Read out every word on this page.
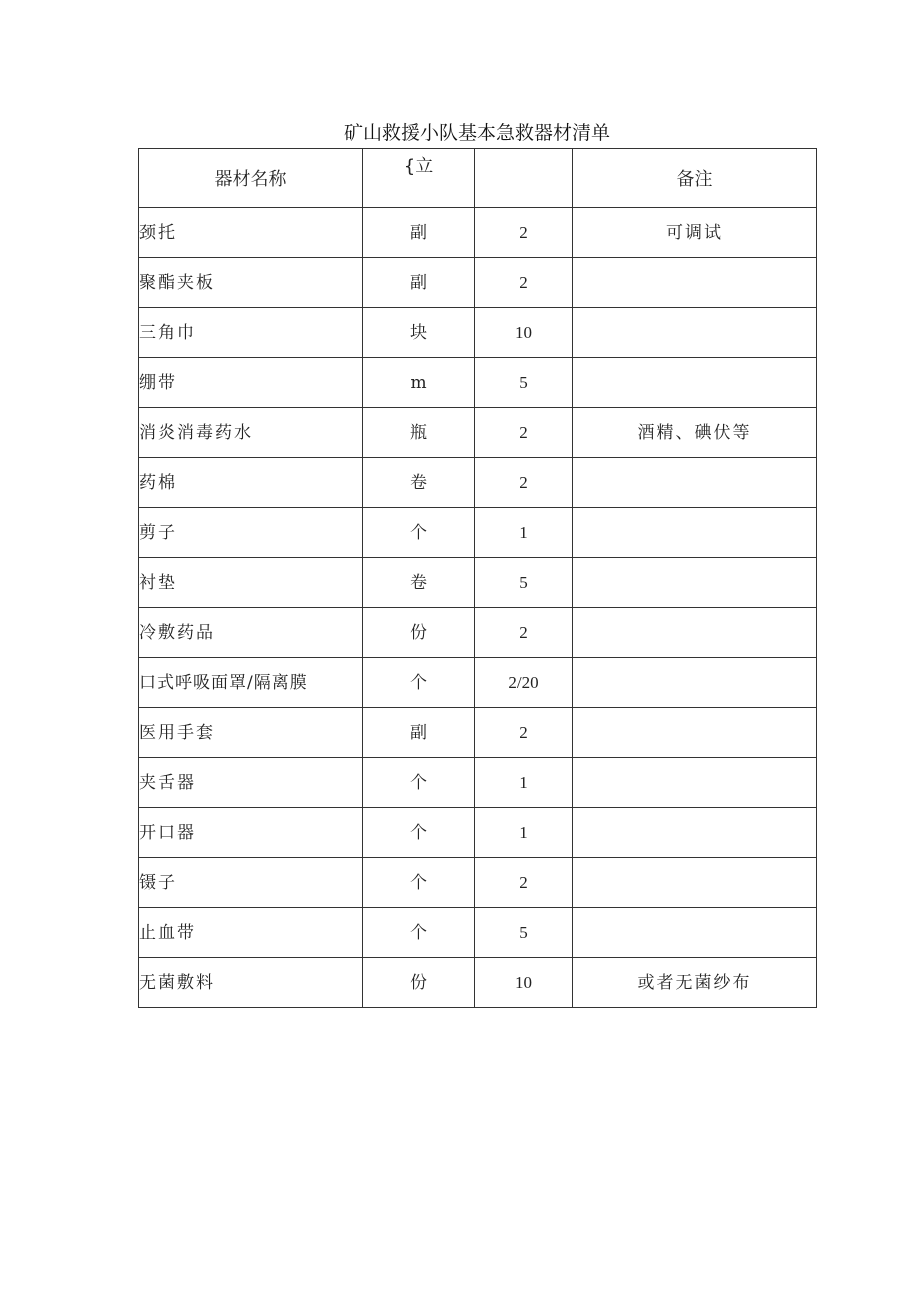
矿山救援小队基本急救器材清单
器材名称	{立		备注
颈托	副	2	可调试
聚酯夹板	副	2	
三角巾	块	10	
绷带	m	5	
消炎消毒药水	瓶	2	酒精、碘伏等
药棉	卷	2	
剪子	个	1	
衬垫	卷	5	
冷敷药品	份	2	
口式呼吸面罩/隔离膜	个	2/20	
医用手套	副	2	
夹舌器	个	1	
开口器	个	1	
镊子	个	2	
止血带	个	5	
无菌敷料	份	10	或者无菌纱布
